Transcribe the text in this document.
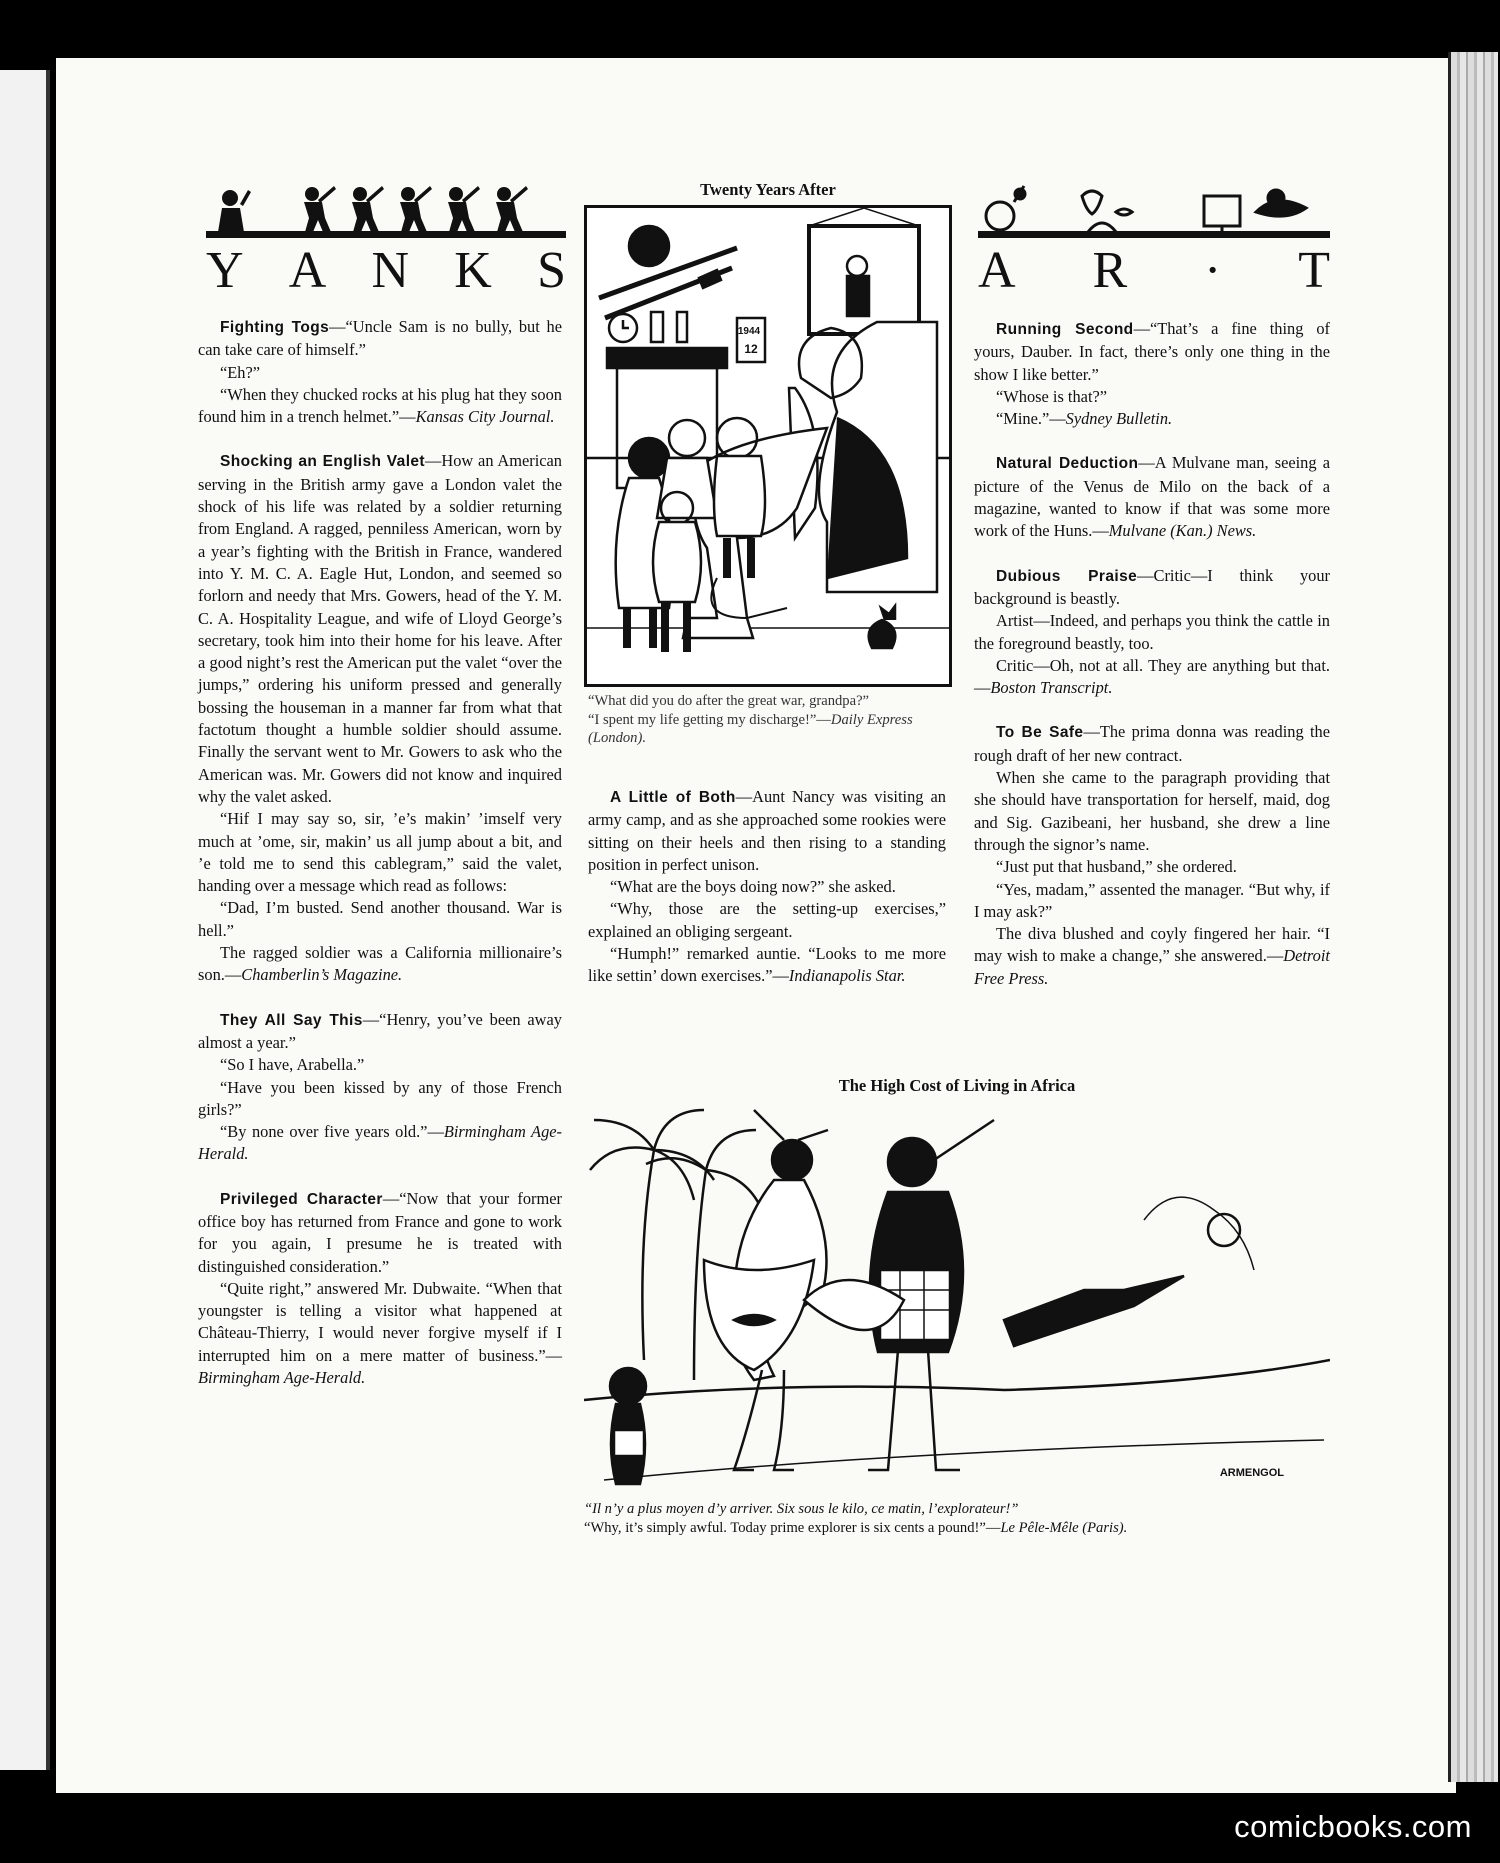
Y A N K S	A R · T

Fighting Togs—“Uncle Sam is no bully, but he can take care of himself.”

“Eh?”

“When they chucked rocks at his plug hat they soon found him in a trench helmet.”—Kansas City Journal.

Shocking an English Valet—How an American serving in the British army gave a London valet the shock of his life was related by a soldier returning from England. A ragged, penniless American, worn by a year’s fighting with the British in France, wandered into Y. M. C. A. Eagle Hut, London, and seemed so forlorn and needy that Mrs. Gowers, head of the Y. M. C. A. Hospitality League, and wife of Lloyd George’s secretary, took him into their home for his leave. After a good night’s rest the American put the valet “over the jumps,” ordering his uniform pressed and generally bossing the houseman in a manner far from what that factotum thought a humble soldier should assume. Finally the servant went to Mr. Gowers to ask who the American was. Mr. Gowers did not know and inquired why the valet asked.

“Hif I may say so, sir, ’e’s makin’ ’imself very much at ’ome, sir, makin’ us all jump about a bit, and ’e told me to send this cablegram,” said the valet, handing over a message which read as follows:

“Dad, I’m busted. Send another thousand. War is hell.”

The ragged soldier was a California millionaire’s son.—Chamberlin’s Magazine.

They All Say This—“Henry, you’ve been away almost a year.”

“So I have, Arabella.”

“Have you been kissed by any of those French girls?”

“By none over five years old.”—Birmingham Age-Herald.

Privileged Character—“Now that your former office boy has returned from France and gone to work for you again, I presume he is treated with distinguished consideration.”

“Quite right,” answered Mr. Dubwaite. “When that youngster is telling a visitor what happened at Château-Thierry, I would never forgive myself if I interrupted him on a mere matter of business.”—Birmingham Age-Herald.

Twenty Years After
1944
12
“What did you do after the great war, grandpa?”
“I spent my life getting my discharge!”—Daily Express (London).

A Little of Both—Aunt Nancy was visiting an army camp, and as she approached some rookies were sitting on their heels and then rising to a standing position in perfect unison.

“What are the boys doing now?” she asked.

“Why, those are the setting-up exercises,” explained an obliging sergeant.

“Humph!” remarked auntie. “Looks to me more like settin’ down exercises.”—Indianapolis Star.

Running Second—“That’s a fine thing of yours, Dauber. In fact, there’s only one thing in the show I like better.”

“Whose is that?”

“Mine.”—Sydney Bulletin.

Natural Deduction—A Mulvane man, seeing a picture of the Venus de Milo on the back of a magazine, wanted to know if that was some more work of the Huns.—Mulvane (Kan.) News.

Dubious Praise—Critic—I think your background is beastly.

Artist—Indeed, and perhaps you think the cattle in the foreground beastly, too.

Critic—Oh, not at all. They are anything but that.—Boston Transcript.

To Be Safe—The prima donna was reading the rough draft of her new contract.

When she came to the paragraph providing that she should have transportation for herself, maid, dog and Sig. Gazibeani, her husband, she drew a line through the signor’s name.

“Just put that husband,” she ordered.

“Yes, madam,” assented the manager. “But why, if I may ask?”

The diva blushed and coyly fingered her hair. “I may wish to make a change,” she answered.—Detroit Free Press.

The High Cost of Living in Africa
ARMENGOL
“Il n’y a plus moyen d’y arriver. Six sous le kilo, ce matin, l’explorateur!”
“Why, it’s simply awful. Today prime explorer is six cents a pound!”—Le Pêle-Mêle (Paris).
comicbooks.com
